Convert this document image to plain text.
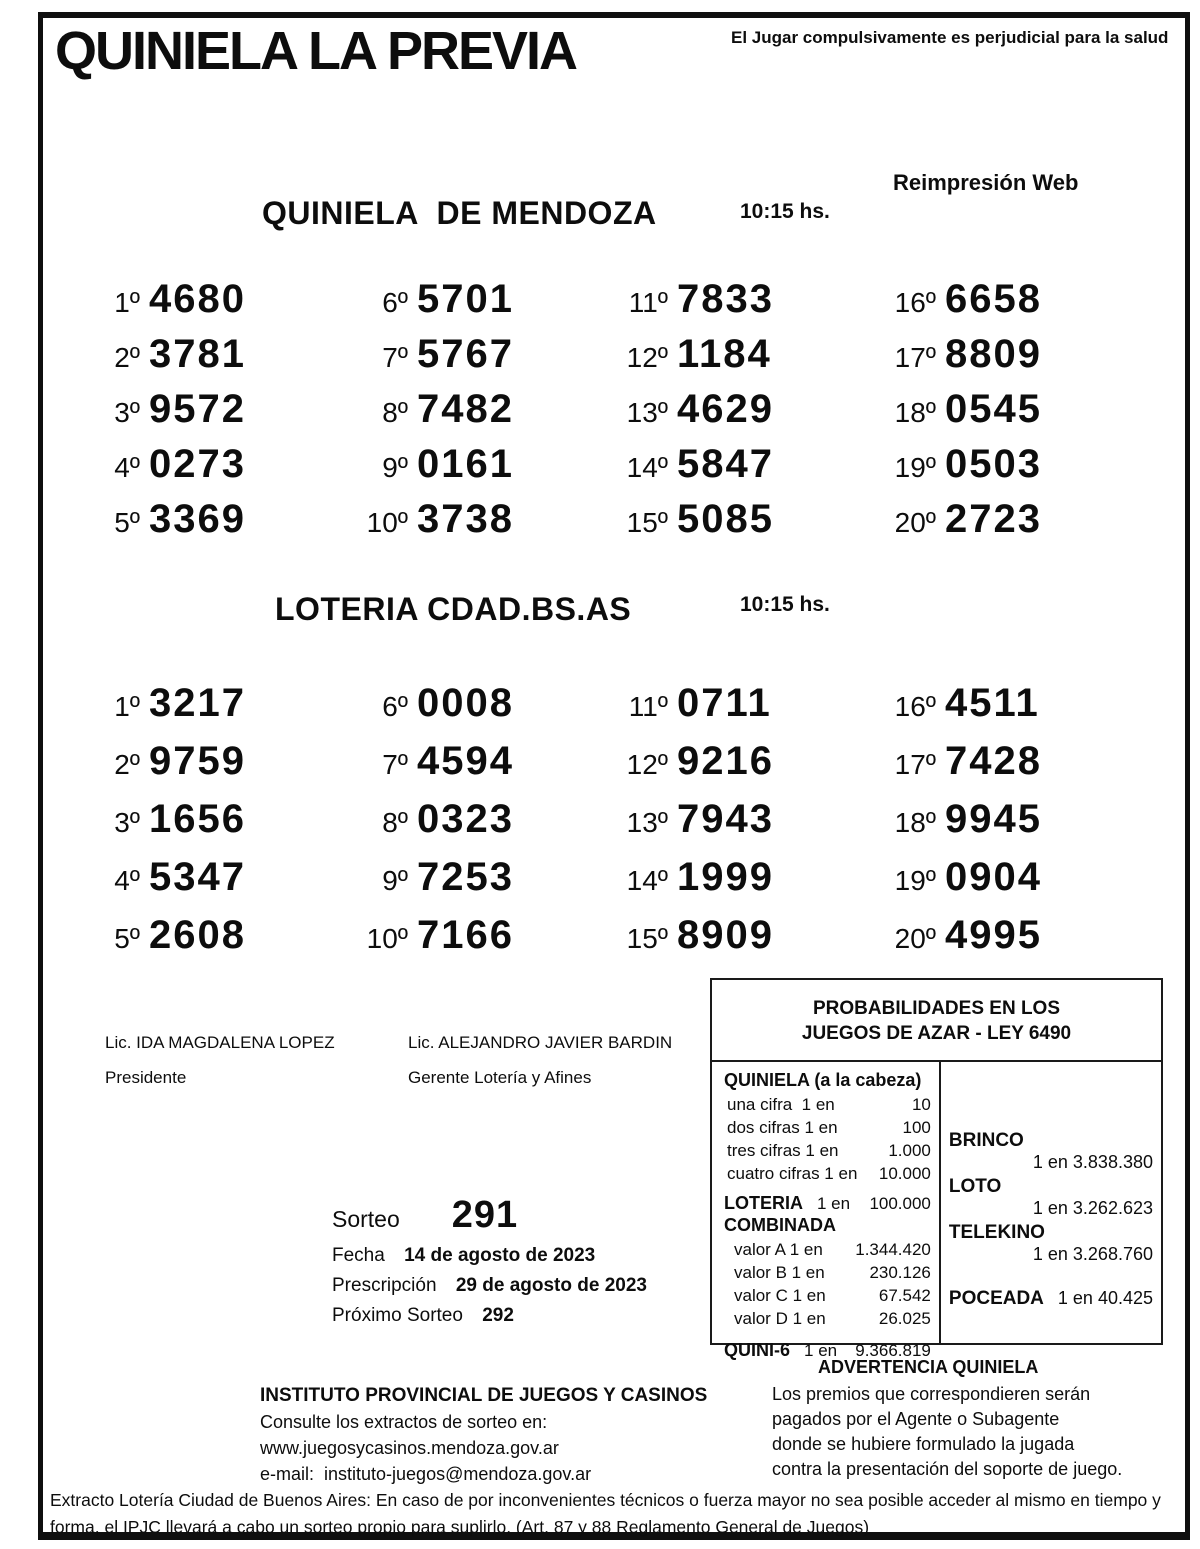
QUINIELA LA PREVIA	El Jugar compulsivamente es perjudicial para la salud
Reimpresión Web
QUINIELA  DE MENDOZA	10:15 hs.
1º 4680
2º 3781
3º 9572
4º 0273
5º 3369
6º 5701
7º 5767
8º 7482
9º 0161
10º 3738
11º 7833
12º 1184
13º 4629
14º 5847
15º 5085
16º 6658
17º 8809
18º 0545
19º 0503
20º 2723
LOTERIA CDAD.BS.AS	10:15 hs.
1º 3217
2º 9759
3º 1656
4º 5347
5º 2608
6º 0008
7º 4594
8º 0323
9º 7253
10º 7166
11º 0711
12º 9216
13º 7943
14º 1999
15º 8909
16º 4511
17º 7428
18º 9945
19º 0904
20º 4995
Lic. IDA MAGDALENA LOPEZ
Presidente
Lic. ALEJANDRO JAVIER BARDIN
Gerente Lotería y Afines
PROBABILIDADES EN LOS
JUEGOS DE AZAR - LEY 6490
QUINIELA (a la cabeza)
una cifra  1 en	10
dos cifras 1 en	100
tres cifras 1 en	1.000
cuatro cifras 1 en	10.000
LOTERIA 1 en	100.000
COMBINADA
valor A 1 en	1.344.420
valor B 1 en	230.126
valor C 1 en	67.542
valor D 1 en	26.025
QUINI-6 1 en	9.366.819
BRINCO
1 en 3.838.380
LOTO
1 en 3.262.623
TELEKINO
1 en 3.268.760
POCEADA 1 en 40.425
Sorteo 291
Fecha 14 de agosto de 2023
Prescripción 29 de agosto de 2023
Próximo Sorteo 292
INSTITUTO PROVINCIAL DE JUEGOS Y CASINOS
Consulte los extractos de sorteo en:
www.juegosycasinos.mendoza.gov.ar
e-mail:  instituto-juegos@mendoza.gov.ar
ADVERTENCIA QUINIELA
Los premios que correspondieren serán
pagados por el Agente o Subagente
donde se hubiere formulado la jugada
contra la presentación del soporte de juego.
Extracto Lotería Ciudad de Buenos Aires: En caso de por inconvenientes técnicos o fuerza mayor no sea posible acceder al mismo en tiempo y
forma, el IPJC llevará a cabo un sorteo propio para suplirlo. (Art. 87 y 88 Reglamento General de Juegos)
